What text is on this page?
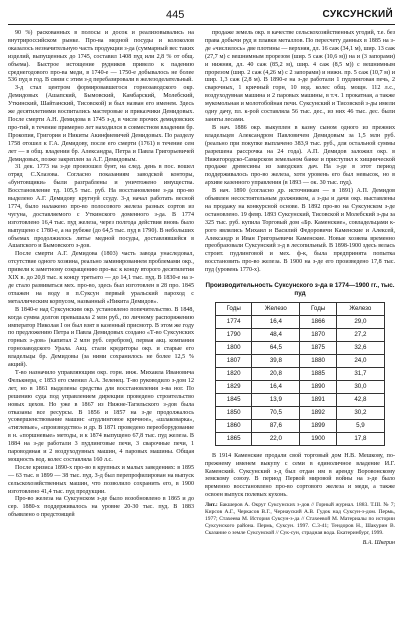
445	СУКСУНСКИЙ

90 %) раскованных в полосы и досок и реализовывались на внутрироссийском рынке. Про-ва медной посуды и колоколов оказалось незначительную часть продукции з-да (суммарный вес таких изделий, выпущенных до 1745, составил 1408 пуд или 2,8 % от общ. объема). Быстрое истощение рудников привело к падению среднегодового про-ва меди, в 1740-е — 1750-е добывалось не более 536 пуд в год. В связи с этим з-д перебазировали в железоделательный.

З-д стал центром формировавшегося горнозаводского окр. Демидовых (Ашапский, Бымовский, Камбарский, Молебский, Уткинский, Шайтанский, Тисовской) и был назван его именем. Здесь же десятилетиями воспитались мастеровые и приказчики Демидовых. После смерти А.Н. Демидова в 1745 з-д, в числе прочих демидовских про-тий, в течение примерно лет находился в совместном владении бр. Прокопия, Григория и Никиты Акинфиевичей Демидовых. По разделу 1758 отошел к Г.А. Демидову, после его смерти (1761) в течение сем лет — в общ. владении бр. Александра, Петра и Павла Григорьевичей Демидовых, позже закреплен за А.Г. Демидовым.

31 дек. 1773 на з-де произошел бунт, на след. день в пос. вошел отряд С.Хлазова. Согласно показаниям заводской конторы, «бунтовщики» были разграблены и уничтожено имущества. Восстановление тд. 105,5 тыс. руб. На восстановление з-да про-во выделено А.Г. Демидову кругнуй ссуду. 3-д начал работать весной 1774, было налажено про-во полосового железа разных сортов из чугуна, доставляемого с Уткинского доменного з-да. В 1774 изготовлено 16,4 тыс. пуд железа, через полгода действия вновь было выпущено с 1780-е, а на рубеже (до 64,5 тыс. пуд в 1790). В небольших объемах продолжилось литье медной посуды, доставлявшейся в Ашапского и Бымовского з-дов.

После смерти А.Г. Демидова (1803) часть завода унаследовал, отсутствие одного хозяина, реально заминированнем проблемами окр., привели к заметному сокращению про-ва: к концу второго десятилетия XIX в. до 20,8 тыс. к концу третьего — до 14,1 тыс. пуд. В 1830-е на з-де стало развиваться мех. про-во, здесь был изготовлен в 28 про. 1845 отлажен на воду в п.Суксун первый уральский пароход с металлическим корпусом, названный «Никита Демидов».

В 1840-е над Суксунским окр. установлено попечительство. В 1848, когда сумма долгов превышала 2 млн руб., по личному распоряжению император Николая I он был взят в казенный присмотр. В этом же году по предложению Петра и Павла Демидовых создано «Т-во Суксунских горных з-дов» (капитал 2 млн руб. серебром), первая акц. компания горнозаводского Урала. Акц. стали кредиторы окр. и старые его владельцы бр. Демидовы (за ними сохранилось не более 12,5 % акций).

Т-во назначило управляющим окр. горн. инж. Михаила Ивановича Фелькнера, с 1853 его сменил А.А. Зеленец. Т-во руководило з-дом 12 лет, но в 1861 выделены средства для восстановления з-ва ног. По решению суда под управлением дирекции проведено строительство новых цехов. Но уже в 1867 из Нижне-Тагильского з-дов была отказаны все ресурсы. В 1856 и 1857 на з-де продолжалось усовершенствование машин: «пудлинговое кричное», «шлаковарка», «тиглевые», «производство» и др. В 1871 проведено переоборудование в н. «поршневые» методы, и к 1874 выпущено 67,8 тыс. пуд железа. В 1884 на з-де работали 3 пудлинговые печи, 3 сварочные печи, 1 пароводяная и 2 воздуходувных машин, 4 паровых машины. Общая мощность вод. колес составляла 160 л.с.

После кризиса 1890-х про-во в крупных и малых заведениях: в 1895 — 63 тыс. в 1899 — 38 тыс. пуд. З-д был перепрофилирован на выпуск сельскохозяйственных машин, что позволило сохранить его, в 1900 изготовлено 41,4 тыс. пуд продукции.

Про-во железа на Суксунском з-де было возобновлено в 1865 и до сер. 1880-х поддерживалось на уровне 20-30 тыс. пуд. В 1883 объявлено о предстоящей

продаже земель окр. в качестве сельскохозяйственных угодий, т.е. без права добычи руд и плавки металлов. По пересчету данных в 1885 на з-де «числилось» две плотины — верхняя, дл. 16 саж (34,1 м), шир. 13 саж (27,7 м) с вешнимным прорезом (шир. 5 саж (10,6 м)) на и (3 запорами) и нижняя, дл. 40 саж (85,2 м), шир. 4 саж (8,5 м)) с вешнимным прорезом (шир. 2 саж (4,26 м) с 2 запорами) и нижн. пр. 5 саж (10,7 м) и шир. 1,3 саж (2,8 м). В 1890-е на з-де работали 1 пудлинговая печь, 2 сварочных, 1 кричный горн, 10 вод. колес общ. мощн. 112 л.с., воздуходувная машина и 2 паровых машины, в т.ч. 1 прокатная, а также мукомольная и молотобойная печи. Суксунский и Тисовской з-ды имели одну дачу, пл. к-рой составляла 56 тыс. дес., из них 46 тыс. дес. были заняты лесами.

В нач. 1886 окр. выкуплен в казну сыном одного из прежних владельцев Александром Павловичем Демидовым за 1,5 млн руб. (реально при покупке выплачено 383,9 тыс. руб., для остальной суммы разрешена рассрочка на 24 года). А.П. Демидов заложил окр. в Нижегородско-Самарском земельном банке и приступил к хищнической продаже древесины из заводских дач. На з-де в этот период поддерживалось про-во железа, хотя уровень его был невысок, но в архиве казенного управления (в 1893 — ок. 30 тыс. пуд).

В нач. 1890 (согласно др. источникам — в 1891) А.П. Демидов объявлен несостоятельным должником, а з-ды и дачи окр. выставлены на продажу на конкурсной основе. В 1892 про-во на Суксунском з-де остановлено. 19 февр. 1893 Суксунский, Тисовской и Молебский з-ды за 325 тыс. руб. купила Торговый дом «Бр. Каменские», совладельцами к-рого являлись Михаил и Василий Федоровичи Каменские и Алексей, Александр и Иван Григорьевичи Каменские. Новые хозяева временно преобразовали Суксунский з-д в лесопильный. В 1898-1900 здесь велась строит. пудлинговой и мех. ф-к, была предпринята попытка восстановить про-во железа. В 1900 на з-де его произведено 17,8 тыс. пуд (уровень 1770-х).

Производительность Суксунского з-да в 1774—1900 гг., тыс. пуд
Годы	Железо	Годы	Железо
1774	16,4	1866	29,0
1790	48,4	1870	27,2
1800	64,5	1875	32,6
1807	39,8	1880	24,0
1820	20,8	1885	31,7
1829	16,4	1890	30,0
1845	13,9	1891	42,8
1850	70,5	1892	30,2
1860	87,6	1899	5,9
1865	22,0	1900	17,8

В 1914 Каменские продали свой торговый дом Н.В. Мешкову, по-прежнему именем выкупу с семи в единоличное владение И.Г. Каменский. Суксунский з-д был отдан им в аренду Воровонскому земскому союзу. В период Первой мировой войны на з-де было временно восстановлено про-во сортового железа и меди, а также освоен выпуск полевых кухонь.

Лит.: Бакшеров А. Округ Суксунских з-дов // Горный журнал. 1883. Т.III. № 7; Кирсов А.Г., Черкасов В.Г., Чернауский А.В. Гудок над Суксун-з-дом. Пермь, 1977; Стахеева М. История Суксун-з-да // Стахеевой М. Материалы по истории Суксунского района. Пермь, Суксун. 1997. С.3-41; Тендоров Н., Шакурин В. Сказание о земле Суксунской // Сук-сун, страдная вода. Екатеринбург, 1999.
В.А. Шкерин
